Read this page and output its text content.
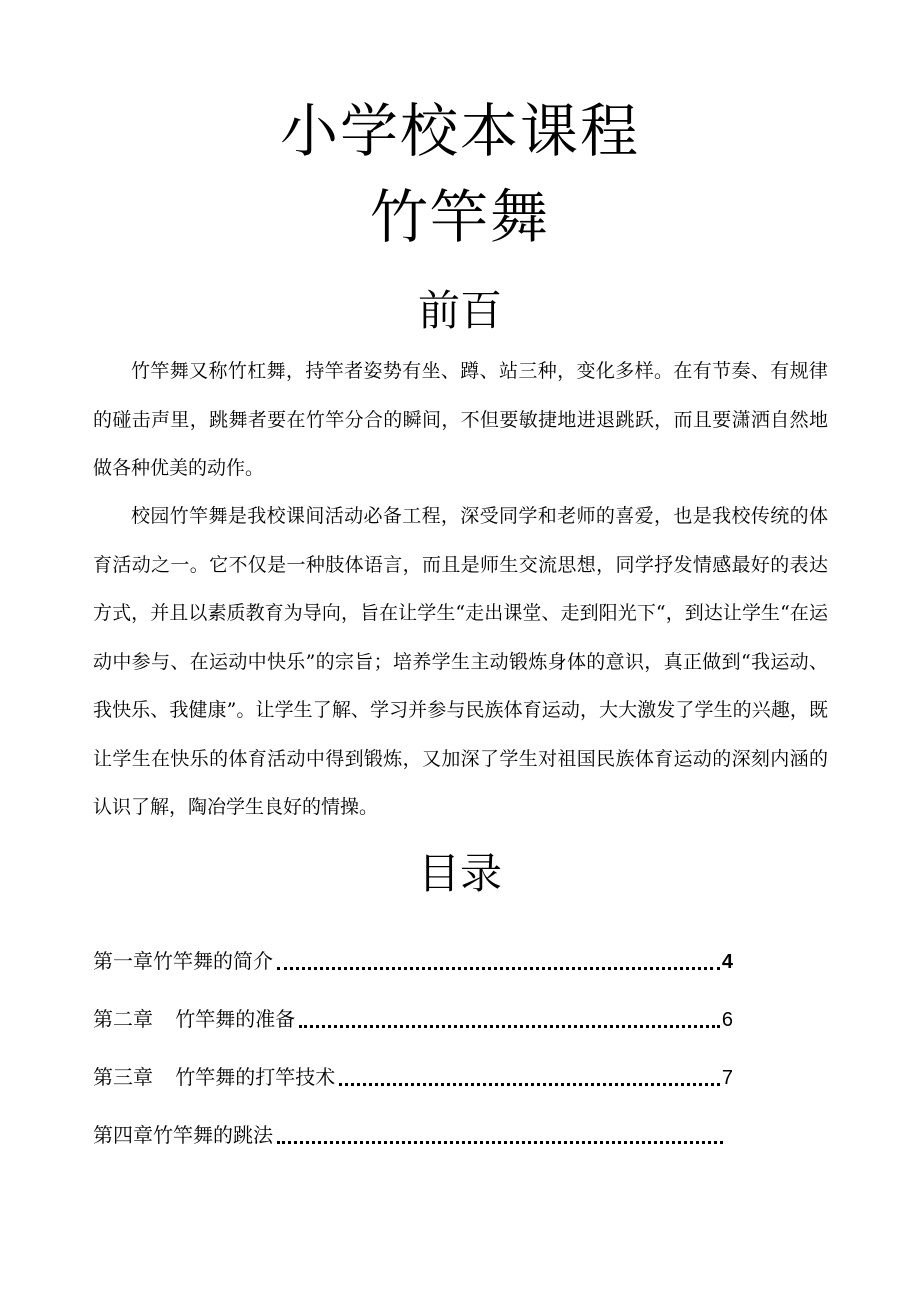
小学校本课程
竹竿舞
前百

竹竿舞又称竹杠舞，持竿者姿势有坐、蹲、站三种，变化多样。在有节奏、有规律的碰击声里，跳舞者要在竹竿分合的瞬间，不但要敏捷地进退跳跃，而且要潇洒自然地做各种优美的动作。

校园竹竿舞是我校课间活动必备工程，深受同学和老师的喜爱，也是我校传统的体育活动之一。它不仅是一种肢体语言，而且是师生交流思想，同学抒发情感最好的表达方式，并且以素质教育为导向，旨在让学生“走出课堂、走到阳光下“，到达让学生“在运动中参与、在运动中快乐”的宗旨；培养学生主动锻炼身体的意识，真正做到“我运动、我快乐、我健康”。让学生了解、学习并参与民族体育运动，大大激发了学生的兴趣，既让学生在快乐的体育活动中得到锻炼，又加深了学生对祖国民族体育运动的深刻内涵的认识了解，陶冶学生良好的情操。

目录
第一章竹竿舞的简介	4
第二章    竹竿舞的准备	6
第三章    竹竿舞的打竿技术	7
第四章竹竿舞的跳法
